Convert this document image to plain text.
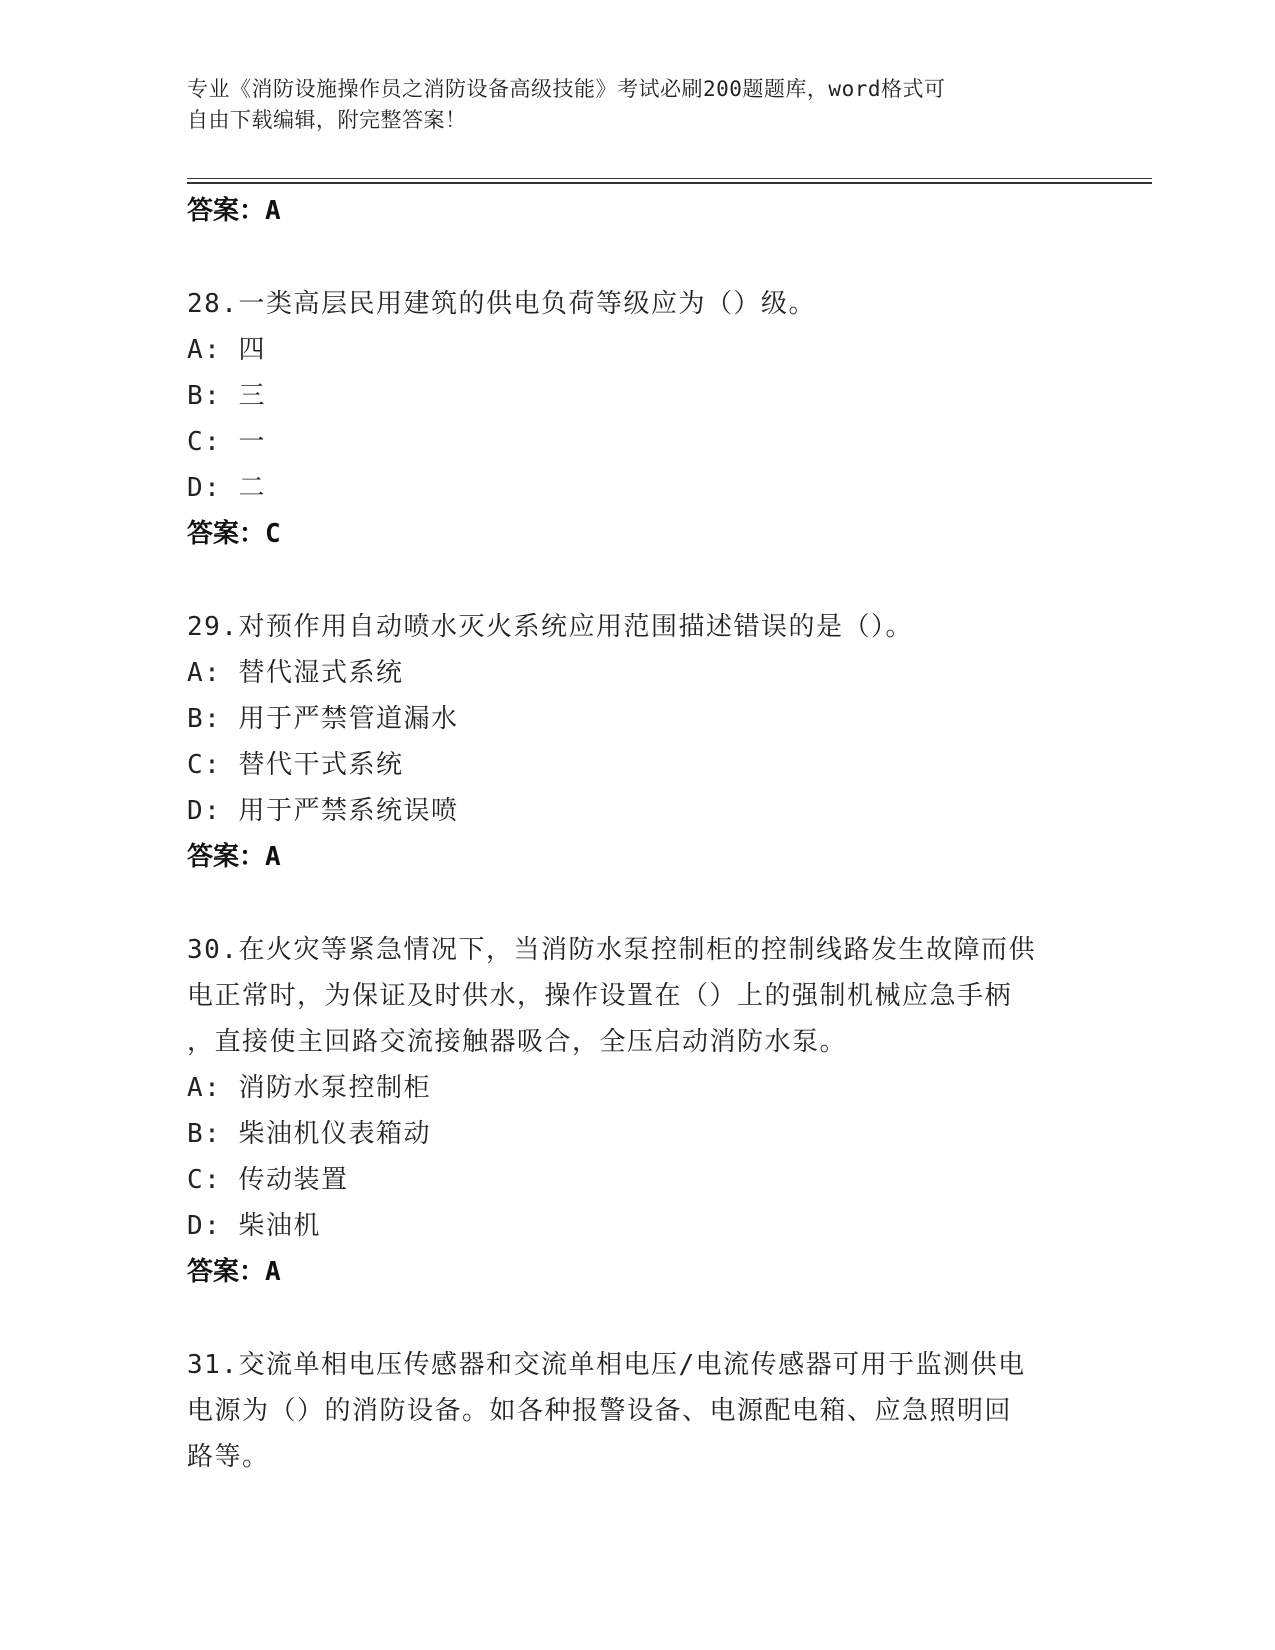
专业《消防设施操作员之消防设备高级技能》考试必刷200题题库，word格式可
自由下载编辑，附完整答案！

答案：A

28.一类高层民用建筑的供电负荷等级应为（）级。

A: 四

B: 三

C: 一

D: 二

答案：C

29.对预作用自动喷水灭火系统应用范围描述错误的是（）。

A: 替代湿式系统

B: 用于严禁管道漏水

C: 替代干式系统

D: 用于严禁系统误喷

答案：A

30.在火灾等紧急情况下，当消防水泵控制柜的控制线路发生故障而供

电正常时，为保证及时供水，操作设置在（）上的强制机械应急手柄

，直接使主回路交流接触器吸合，全压启动消防水泵。

A: 消防水泵控制柜

B: 柴油机仪表箱动

C: 传动装置

D: 柴油机

答案：A

31.交流单相电压传感器和交流单相电压/电流传感器可用于监测供电

电源为（）的消防设备。如各种报警设备、电源配电箱、应急照明回

路等。
